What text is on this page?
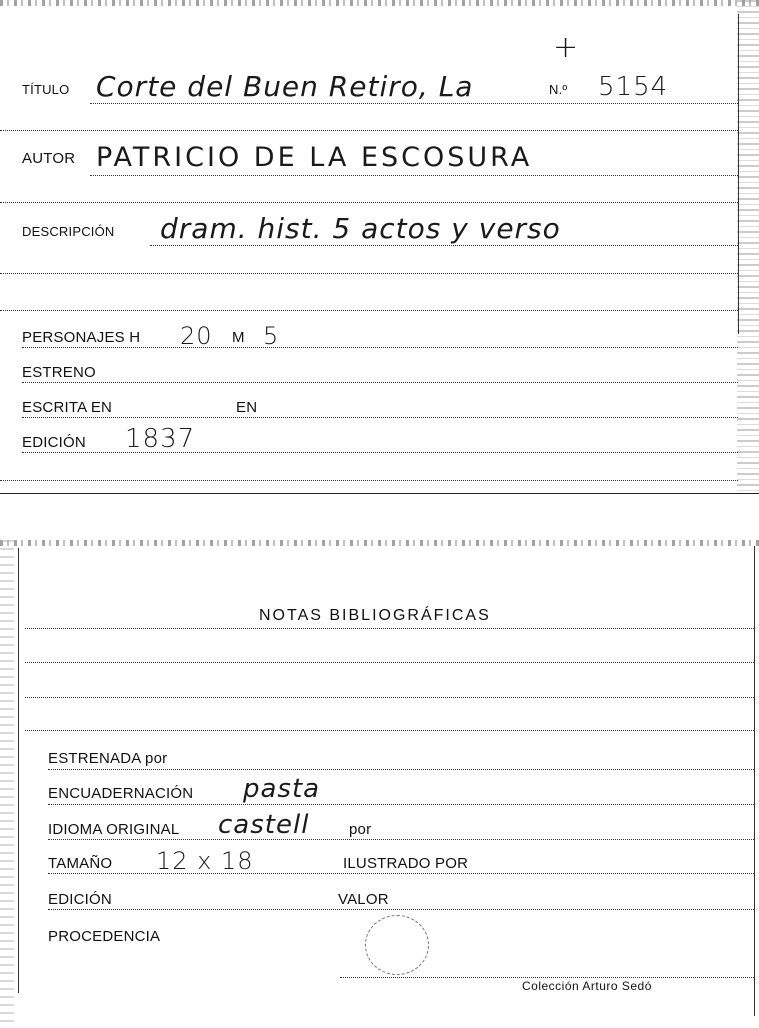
+
TÍTULO Corte del Buen Retiro, La	N.º 5154
AUTOR PATRICIO DE LA ESCOSURA
DESCRIPCIÓN dram. hist. 5 actos y verso
PERSONAJES H 20 M 5
ESTRENO
ESCRITA EN	EN
EDICIÓN 1837
NOTAS BIBLIOGRÁFICAS
ESTRENADA por
ENCUADERNACIÓN pasta
IDIOMA ORIGINAL castell	por
TAMAÑO 12 x 18	ILUSTRADO POR
EDICIÓN	VALOR
PROCEDENCIA
Colección Arturo Sedó
